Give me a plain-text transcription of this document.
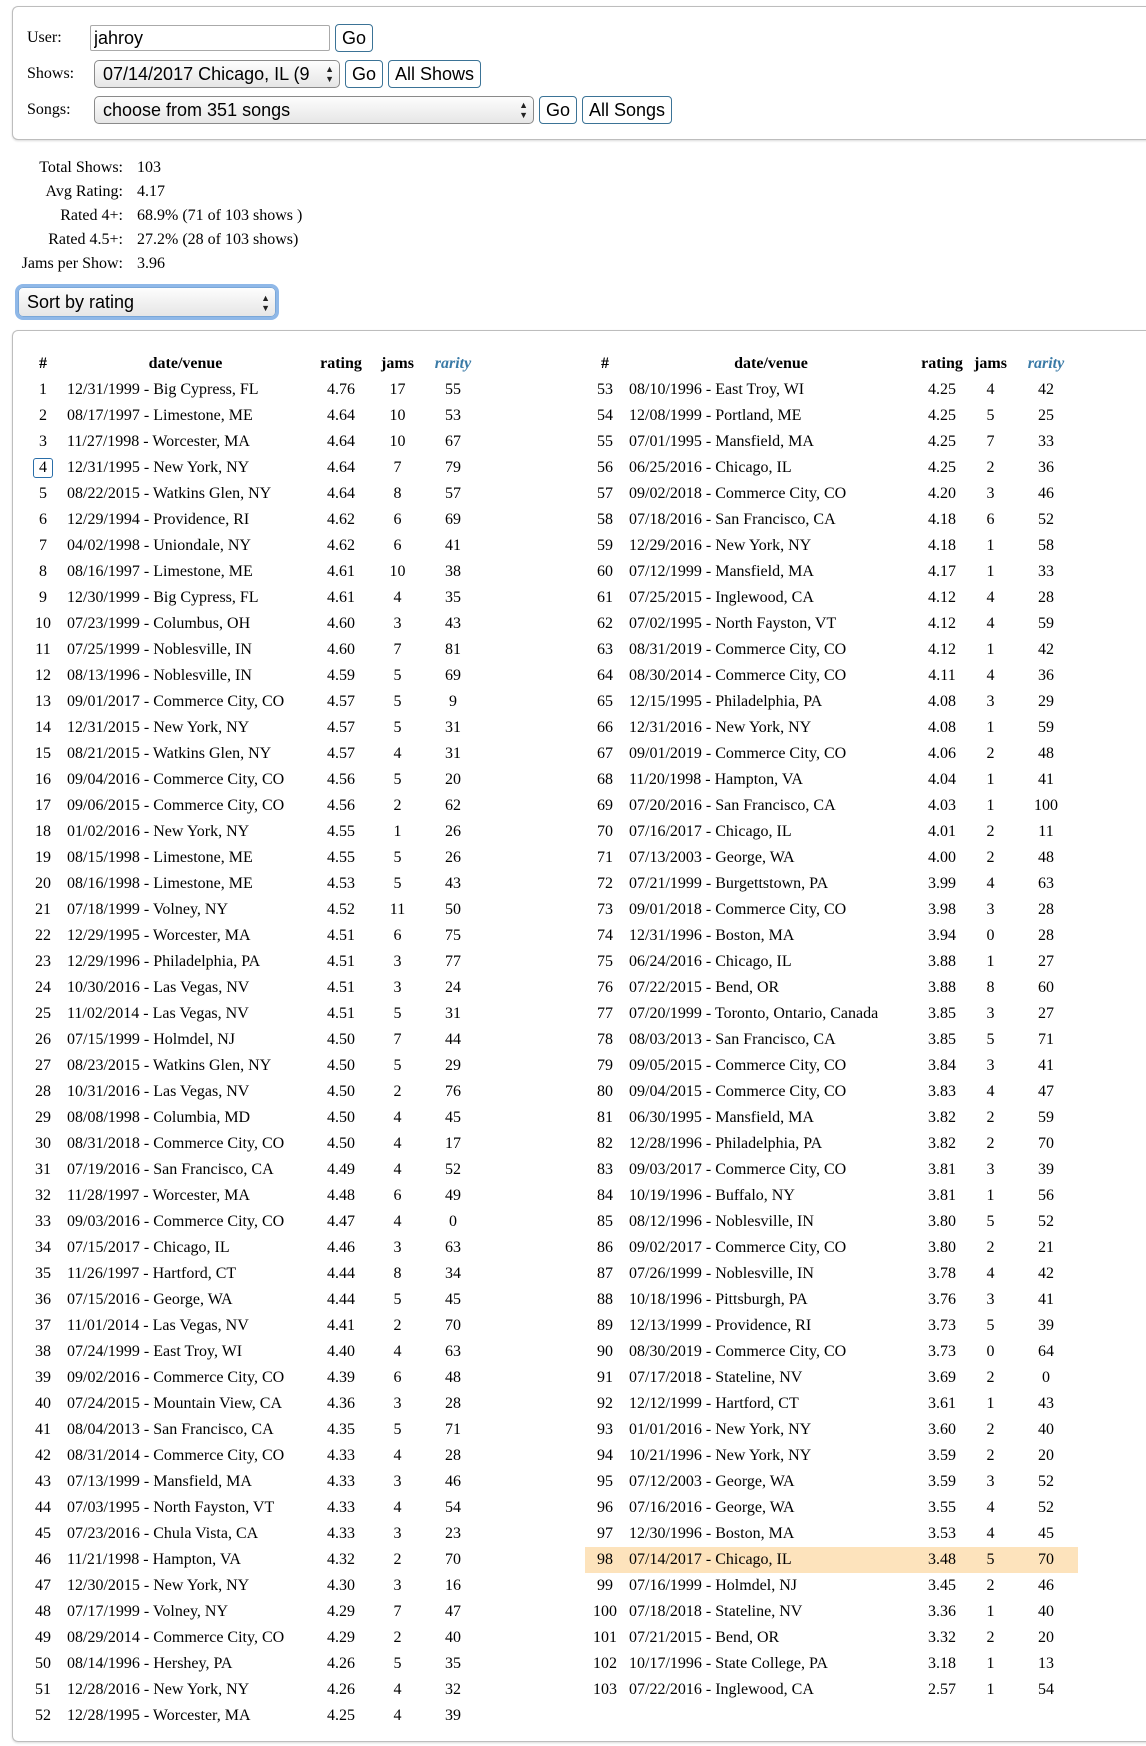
User:
jahroy	Go
Shows:	07/14/2017 Chicago, IL (9 ▲
▼	Go	All Shows
Songs:	choose from 351 songs	▲
▼	Go	All Songs
Total Shows: 103
Avg Rating: 4.17
Rated 4+: 68.9% (71 of 103 shows )
Rated 4.5+: 27.2% (28 of 103 shows)
Jams per Show: 3.96
Sort by rating	▲
▼
#	date/venue	rating	jams	rarity
1	12/31/1999 - Big Cypress, FL	4.76	17	55
2	08/17/1997 - Limestone, ME	4.64	10	53
3	11/27/1998 - Worcester, MA	4.64	10	67
4	12/31/1995 - New York, NY	4.64	7	79
5	08/22/2015 - Watkins Glen, NY	4.64	8	57
6	12/29/1994 - Providence, RI	4.62	6	69
7	04/02/1998 - Uniondale, NY	4.62	6	41
8	08/16/1997 - Limestone, ME	4.61	10	38
9	12/30/1999 - Big Cypress, FL	4.61	4	35
10	07/23/1999 - Columbus, OH	4.60	3	43
11	07/25/1999 - Noblesville, IN	4.60	7	81
12	08/13/1996 - Noblesville, IN	4.59	5	69
13	09/01/2017 - Commerce City, CO	4.57	5	9
14	12/31/2015 - New York, NY	4.57	5	31
15	08/21/2015 - Watkins Glen, NY	4.57	4	31
16	09/04/2016 - Commerce City, CO	4.56	5	20
17	09/06/2015 - Commerce City, CO	4.56	2	62
18	01/02/2016 - New York, NY	4.55	1	26
19	08/15/1998 - Limestone, ME	4.55	5	26
20	08/16/1998 - Limestone, ME	4.53	5	43
21	07/18/1999 - Volney, NY	4.52	11	50
22	12/29/1995 - Worcester, MA	4.51	6	75
23	12/29/1996 - Philadelphia, PA	4.51	3	77
24	10/30/2016 - Las Vegas, NV	4.51	3	24
25	11/02/2014 - Las Vegas, NV	4.51	5	31
26	07/15/1999 - Holmdel, NJ	4.50	7	44
27	08/23/2015 - Watkins Glen, NY	4.50	5	29
28	10/31/2016 - Las Vegas, NV	4.50	2	76
29	08/08/1998 - Columbia, MD	4.50	4	45
30	08/31/2018 - Commerce City, CO	4.50	4	17
31	07/19/2016 - San Francisco, CA	4.49	4	52
32	11/28/1997 - Worcester, MA	4.48	6	49
33	09/03/2016 - Commerce City, CO	4.47	4	0
34	07/15/2017 - Chicago, IL	4.46	3	63
35	11/26/1997 - Hartford, CT	4.44	8	34
36	07/15/2016 - George, WA	4.44	5	45
37	11/01/2014 - Las Vegas, NV	4.41	2	70
38	07/24/1999 - East Troy, WI	4.40	4	63
39	09/02/2016 - Commerce City, CO	4.39	6	48
40	07/24/2015 - Mountain View, CA	4.36	3	28
41	08/04/2013 - San Francisco, CA	4.35	5	71
42	08/31/2014 - Commerce City, CO	4.33	4	28
43	07/13/1999 - Mansfield, MA	4.33	3	46
44	07/03/1995 - North Fayston, VT	4.33	4	54
45	07/23/2016 - Chula Vista, CA	4.33	3	23
46	11/21/1998 - Hampton, VA	4.32	2	70
47	12/30/2015 - New York, NY	4.30	3	16
48	07/17/1999 - Volney, NY	4.29	7	47
49	08/29/2014 - Commerce City, CO	4.29	2	40
50	08/14/1996 - Hershey, PA	4.26	5	35
51	12/28/2016 - New York, NY	4.26	4	32
52	12/28/1995 - Worcester, MA	4.25	4	39
#	date/venue	rating jams	rarity
53	08/10/1996 - East Troy, WI	4.25	4	42
54	12/08/1999 - Portland, ME	4.25	5	25
55	07/01/1995 - Mansfield, MA	4.25	7	33
56	06/25/2016 - Chicago, IL	4.25	2	36
57	09/02/2018 - Commerce City, CO	4.20	3	46
58	07/18/2016 - San Francisco, CA	4.18	6	52
59	12/29/2016 - New York, NY	4.18	1	58
60	07/12/1999 - Mansfield, MA	4.17	1	33
61	07/25/2015 - Inglewood, CA	4.12	4	28
62	07/02/1995 - North Fayston, VT	4.12	4	59
63	08/31/2019 - Commerce City, CO	4.12	1	42
64	08/30/2014 - Commerce City, CO	4.11	4	36
65	12/15/1995 - Philadelphia, PA	4.08	3	29
66	12/31/2016 - New York, NY	4.08	1	59
67	09/01/2019 - Commerce City, CO	4.06	2	48
68	11/20/1998 - Hampton, VA	4.04	1	41
69	07/20/2016 - San Francisco, CA	4.03	1	100
70	07/16/2017 - Chicago, IL	4.01	2	11
71	07/13/2003 - George, WA	4.00	2	48
72	07/21/1999 - Burgettstown, PA	3.99	4	63
73	09/01/2018 - Commerce City, CO	3.98	3	28
74	12/31/1996 - Boston, MA	3.94	0	28
75	06/24/2016 - Chicago, IL	3.88	1	27
76	07/22/2015 - Bend, OR	3.88	8	60
77	07/20/1999 - Toronto, Ontario, Canada	3.85	3	27
78	08/03/2013 - San Francisco, CA	3.85	5	71
79	09/05/2015 - Commerce City, CO	3.84	3	41
80	09/04/2015 - Commerce City, CO	3.83	4	47
81	06/30/1995 - Mansfield, MA	3.82	2	59
82	12/28/1996 - Philadelphia, PA	3.82	2	70
83	09/03/2017 - Commerce City, CO	3.81	3	39
84	10/19/1996 - Buffalo, NY	3.81	1	56
85	08/12/1996 - Noblesville, IN	3.80	5	52
86	09/02/2017 - Commerce City, CO	3.80	2	21
87	07/26/1999 - Noblesville, IN	3.78	4	42
88	10/18/1996 - Pittsburgh, PA	3.76	3	41
89	12/13/1999 - Providence, RI	3.73	5	39
90	08/30/2019 - Commerce City, CO	3.73	0	64
91	07/17/2018 - Stateline, NV	3.69	2	0
92	12/12/1999 - Hartford, CT	3.61	1	43
93	01/01/2016 - New York, NY	3.60	2	40
94	10/21/1996 - New York, NY	3.59	2	20
95	07/12/2003 - George, WA	3.59	3	52
96	07/16/2016 - George, WA	3.55	4	52
97	12/30/1996 - Boston, MA	3.53	4	45
98	07/14/2017 - Chicago, IL	3.48	5	70
99	07/16/1999 - Holmdel, NJ	3.45	2	46
100 07/18/2018 - Stateline, NV	3.36	1	40
101 07/21/2015 - Bend, OR	3.32	2	20
102 10/17/1996 - State College, PA	3.18	1	13
103 07/22/2016 - Inglewood, CA	2.57	1	54
